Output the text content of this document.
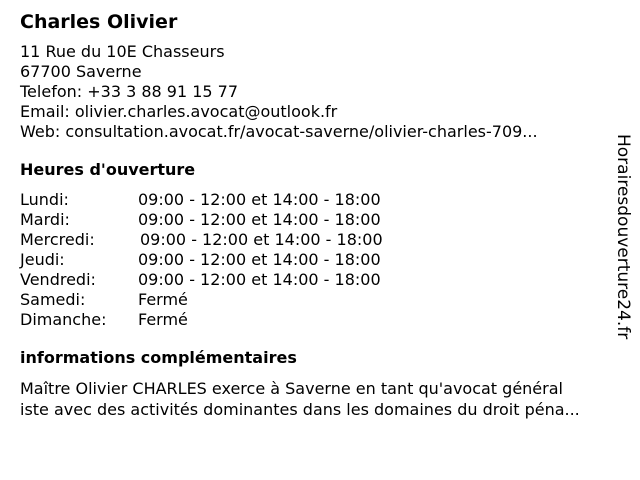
Charles Olivier
11 Rue du 10E Chasseurs
67700 Saverne
Telefon: +33 3 88 91 15 77
Email: olivier.charles.avocat@outlook.fr
Web: consultation.avocat.fr/avocat-saverne/olivier-charles-709...
Heures d'ouverture
Lundi:	09:00 - 12:00 et 14:00 - 18:00
Mardi:	09:00 - 12:00 et 14:00 - 18:00
Mercredi:	09:00 - 12:00 et 14:00 - 18:00
Jeudi:	09:00 - 12:00 et 14:00 - 18:00
Vendredi:	09:00 - 12:00 et 14:00 - 18:00
Samedi:	Fermé
Dimanche:	Fermé
informations complémentaires
Maître Olivier CHARLES exerce à Saverne en tant qu'avocat général
iste avec des activités dominantes dans les domaines du droit péna...
Horairesdouverture24.fr
